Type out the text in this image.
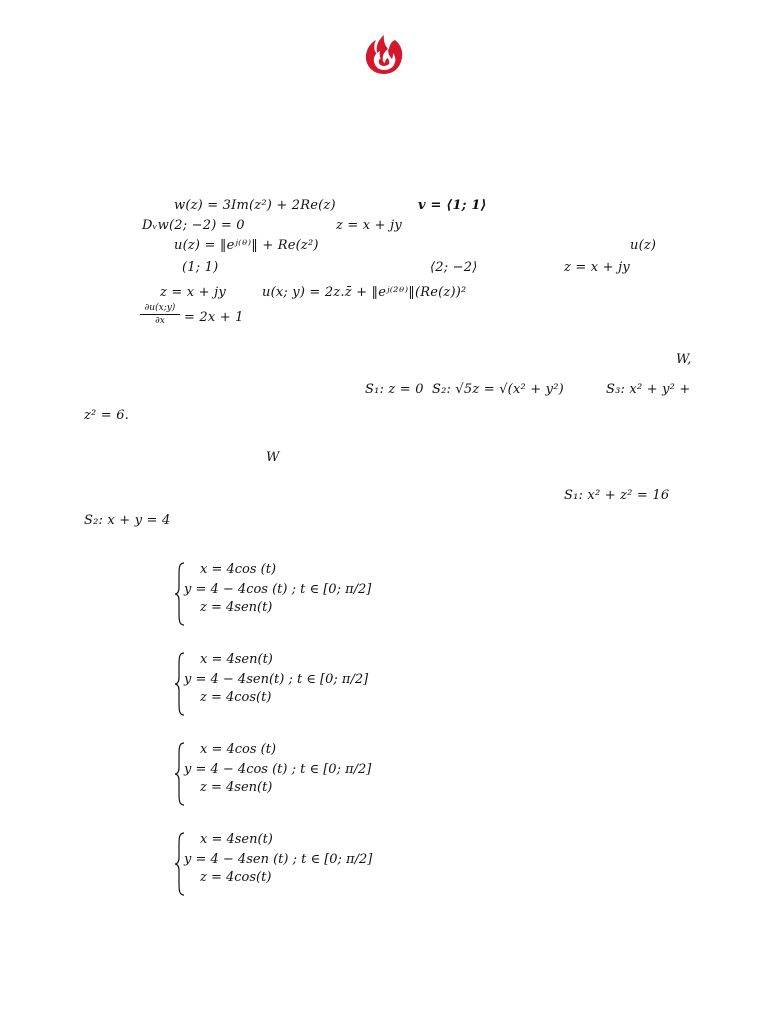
w(z) = 3Im(z²) + 2Re(z)	v = ⟨1; 1⟩
Dᵥw(2; −2) = 0	z = x + jy
u(z) = ‖eʲ⁽ᶿ⁾‖ + Re(z²)	u(z)
(1; 1)	⟨2; −2⟩	z = x + jy
z = x + jy	u(x; y) = 2z.z̄ + ‖eʲ⁽²ᶿ⁾‖(Re(z))²
∂u(x;y)
∂x	= 2x + 1
W,
S₁: z = 0 S₂: √5z = √(x² + y²)	S₃: x² + y² +
z² = 6.
W
S₁: x² + z² = 16
S₂: x + y = 4
x = 4cos (t)
y = 4 − 4cos (t) ; t ∈ [0; π/2]
z = 4sen(t)
x = 4sen(t)
y = 4 − 4sen(t) ; t ∈ [0; π/2]
z = 4cos(t)
x = 4cos (t)
y = 4 − 4cos (t) ; t ∈ [0; π/2]
z = 4sen(t)
x = 4sen(t)
y = 4 − 4sen (t) ; t ∈ [0; π/2]
z = 4cos(t)
